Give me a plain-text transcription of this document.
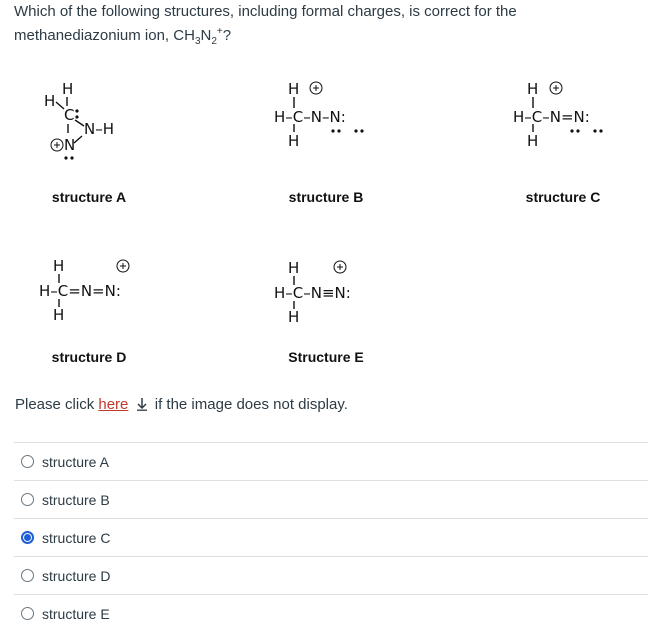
Which of the following structures, including formal charges, is correct for the methanediazonium ion, $CH_3N_2^+$?
H
H
C
N–H
N
H
H–C–N–N:
H
H
H–C–N=N:
H
H
H–C=N=N:
H
H
H–C–N≡N:
H
structure A	structure B	structure C
structure D	Structure E
Please click here  if the image does not display.
structure A
structure B
structure C
structure D
structure E
